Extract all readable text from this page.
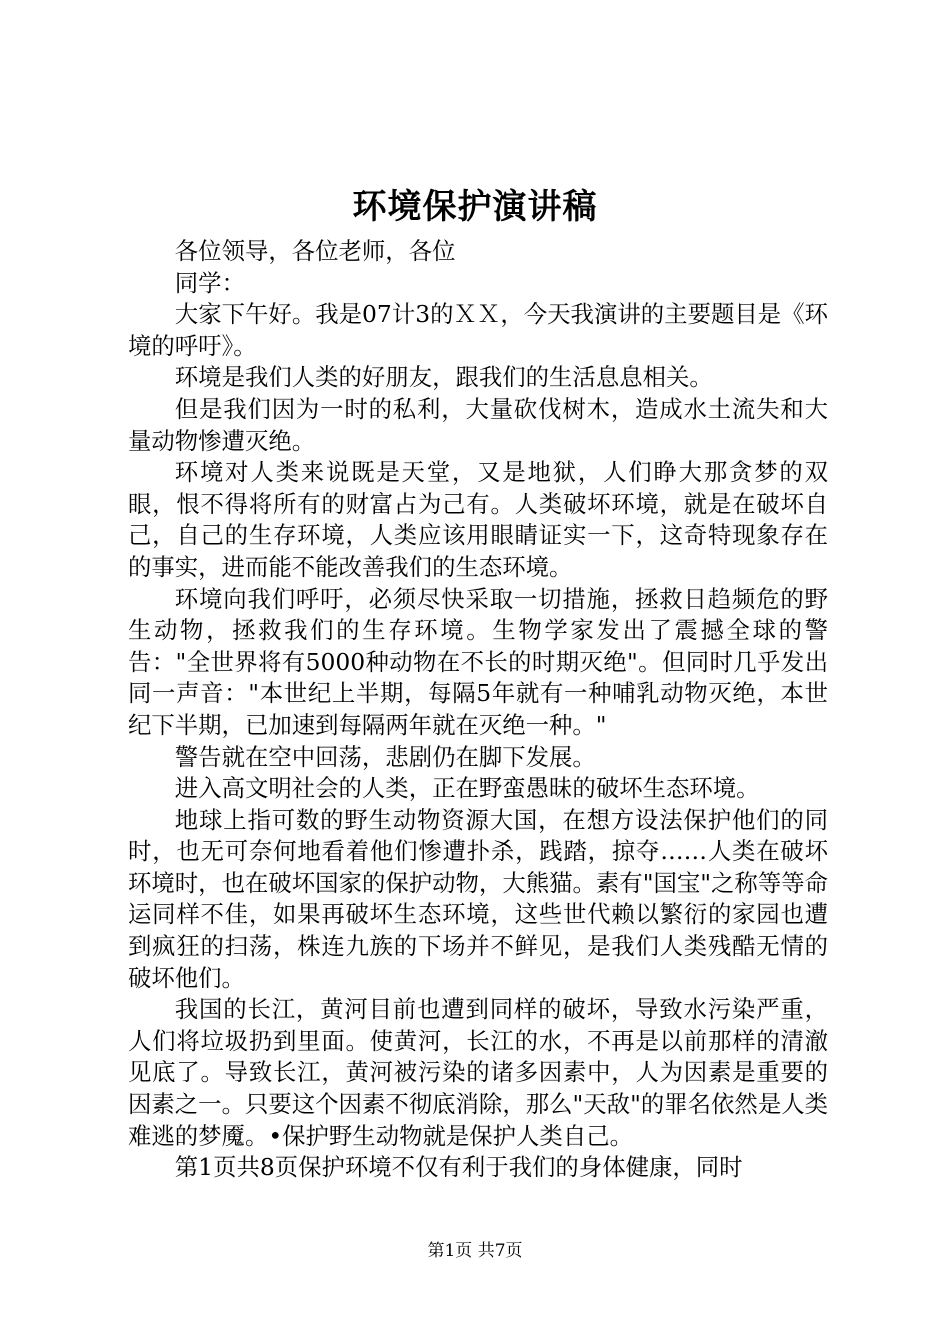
环境保护演讲稿

各位领导，各位老师，各位

同学：

大家下午好。我是07计3的ＸＸ，今天我演讲的主要题目是《环境的呼吁》。

环境是我们人类的好朋友，跟我们的生活息息相关。

但是我们因为一时的私利，大量砍伐树木，造成水土流失和大量动物惨遭灭绝。

环境对人类来说既是天堂，又是地狱，人们睁大那贪梦的双眼，恨不得将所有的财富占为己有。人类破坏环境，就是在破坏自己，自己的生存环境，人类应该用眼睛证实一下，这奇特现象存在的事实，进而能不能改善我们的生态环境。

环境向我们呼吁，必须尽快采取一切措施，拯救日趋频危的野生动物，拯救我们的生存环境。生物学家发出了震撼全球的警告："全世界将有5000种动物在不长的时期灭绝"。但同时几乎发出同一声音："本世纪上半期，每隔5年就有一种哺乳动物灭绝，本世纪下半期，已加速到每隔两年就在灭绝一种。"

警告就在空中回荡，悲剧仍在脚下发展。

进入高文明社会的人类，正在野蛮愚昧的破坏生态环境。

地球上指可数的野生动物资源大国，在想方设法保护他们的同时，也无可奈何地看着他们惨遭扑杀，践踏，掠夺……人类在破坏环境时，也在破坏国家的保护动物，大熊猫。素有"国宝"之称等等命运同样不佳，如果再破坏生态环境，这些世代赖以繁衍的家园也遭到疯狂的扫荡，株连九族的下场并不鲜见，是我们人类残酷无情的破坏他们。

我国的长江，黄河目前也遭到同样的破坏，导致水污染严重，人们将垃圾扔到里面。使黄河，长江的水，不再是以前那样的清澈见底了。导致长江，黄河被污染的诸多因素中，人为因素是重要的因素之一。只要这个因素不彻底消除，那么"天敌"的罪名依然是人类难逃的梦魇。•保护野生动物就是保护人类自己。

第1页共8页保护环境不仅有利于我们的身体健康，同时

第1页 共7页
